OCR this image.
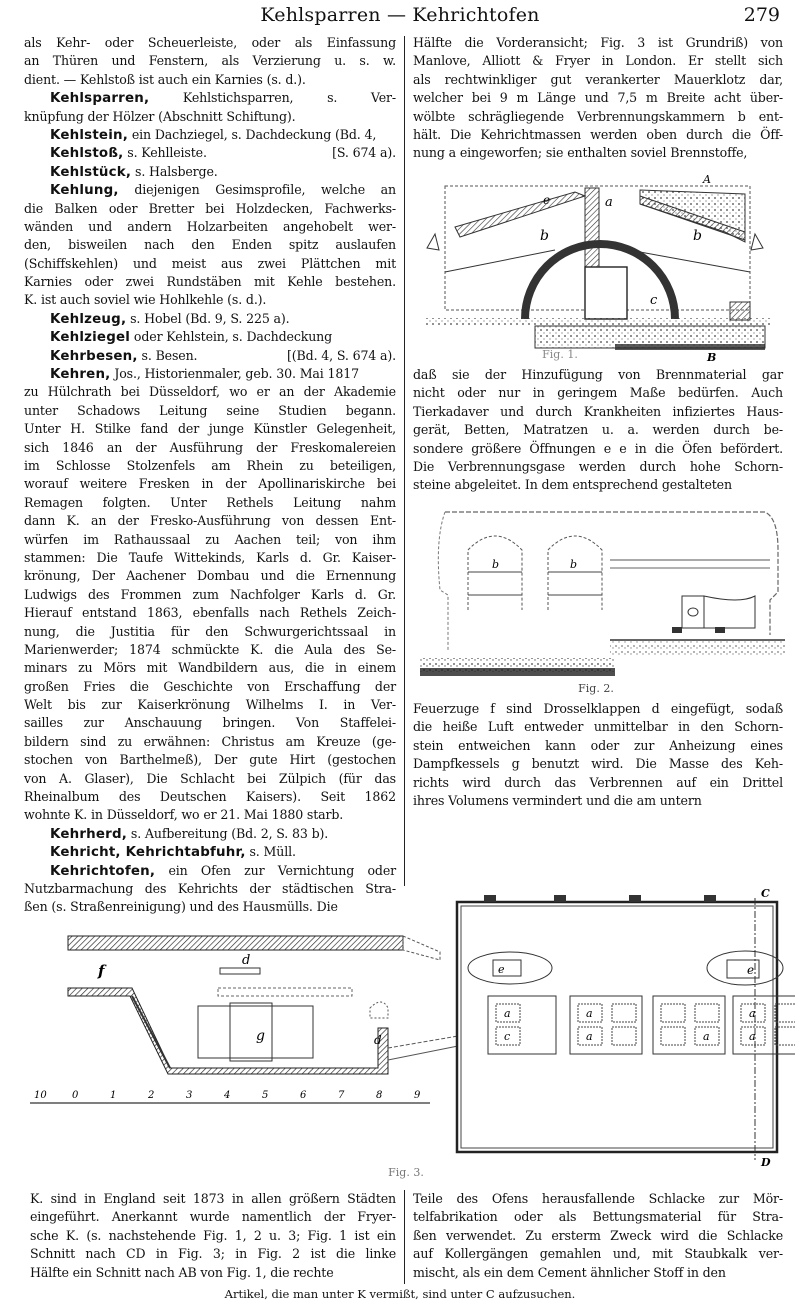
Kehlsparren — Kehrichtofen	279
als Kehr- oder Scheuerleiste, oder als Einfassung
an Thüren und Fenstern, als Verzierung u. s. w.
dient. — Kehlstoß ist auch ein Karnies (s. d.).
Kehlsparren, Kehlstichsparren, s. Ver-
knüpfung der Hölzer (Abschnitt Schiftung).
Kehlstein, ein Dachziegel, s. Dachdeckung (Bd. 4,
[S. 674 a).
Kehlstoß, s. Kehlleiste.
Kehlstück, s. Halsberge.
Kehlung, diejenigen Gesimsprofile, welche an
die Balken oder Bretter bei Holzdecken, Fachwerks-
wänden und andern Holzarbeiten angehobelt wer-
den, bisweilen nach den Enden spitz auslaufen
(Schiffskehlen) und meist aus zwei Plättchen mit
Karnies oder zwei Rundstäben mit Kehle bestehen.
K. ist auch soviel wie Hohlkehle (s. d.).
Kehlzeug, s. Hobel (Bd. 9, S. 225 a).
Kehlziegel oder Kehlstein, s. Dachdeckung
[(Bd. 4, S. 674 a).
Kehrbesen, s. Besen.
Kehren, Jos., Historienmaler, geb. 30. Mai 1817
zu Hülchrath bei Düsseldorf, wo er an der Akademie
unter Schadows Leitung seine Studien begann.
Unter H. Stilke fand der junge Künstler Gelegenheit,
sich 1846 an der Ausführung der Freskomalereien
im Schlosse Stolzenfels am Rhein zu beteiligen,
worauf weitere Fresken in der Apollinariskirche bei
Remagen folgten. Unter Rethels Leitung nahm
dann K. an der Fresko-Ausführung von dessen Ent-
würfen im Rathaussaal zu Aachen teil; von ihm
stammen: Die Taufe Wittekinds, Karls d. Gr. Kaiser-
krönung, Der Aachener Dombau und die Ernennung
Ludwigs des Frommen zum Nachfolger Karls d. Gr.
Hierauf entstand 1863, ebenfalls nach Rethels Zeich-
nung, die Justitia für den Schwurgerichtssaal in
Marienwerder; 1874 schmückte K. die Aula des Se-
minars zu Mörs mit Wandbildern aus, die in einem
großen Fries die Geschichte von Erschaffung der
Welt bis zur Kaiserkrönung Wilhelms I. in Ver-
sailles zur Anschauung bringen. Von Staffelei-
bildern sind zu erwähnen: Christus am Kreuze (ge-
stochen von Barthelmeß), Der gute Hirt (gestochen
von A. Glaser), Die Schlacht bei Zülpich (für das
Rheinalbum des Deutschen Kaisers). Seit 1862
wohnte K. in Düsseldorf, wo er 21. Mai 1880 starb.
Kehrherd, s. Aufbereitung (Bd. 2, S. 83 b).
Kehricht, Kehrichtabfuhr, s. Müll.
Kehrichtofen, ein Ofen zur Vernichtung oder
Nutzbarmachung des Kehrichts der städtischen Stra-
ßen (s. Straßenreinigung) und des Hausmülls. Die
Hälfte die Vorderansicht; Fig. 3 ist Grundriß) von
Manlove, Alliott & Fryer in London. Er stellt sich
als rechtwinkliger gut verankerter Mauerklotz dar,
welcher bei 9 m Länge und 7,5 m Breite acht über-
wölbte schrägliegende Verbrennungskammern b ent-
hält. Die Kehrichtmassen werden oben durch die Öff-
nung a eingeworfen; sie enthalten soviel Brennstoffe,
e	a
b	b
c
A
B
Fig. 1.
daß sie der Hinzufügung von Brennmaterial gar
nicht oder nur in geringem Maße bedürfen. Auch
Tierkadaver und durch Krankheiten infiziertes Haus-
gerät, Betten, Matratzen u. a. werden durch be-
sondere größere Öffnungen e e in die Öfen befördert.
Die Verbrennungsgase werden durch hohe Schorn-
steine abgeleitet. In dem entsprechend gestalteten
b	b
Fig. 2.
Feuerzuge f sind Drosselklappen d eingefügt, sodaß
die heiße Luft entweder unmittelbar in den Schorn-
stein entweichen kann oder zur Anheizung eines
Dampfkessels g benutzt wird. Die Masse des Keh-
richts wird durch das Verbrennen auf ein Drittel
ihres Volumens vermindert und die am untern
f
d
g	d
10	0	1	2	3	4	5	6	7	8	9
e	e
a
c
a
a	a
a
a
C
D
Fig. 3.
K. sind in England seit 1873 in allen größern Städten
eingeführt. Anerkannt wurde namentlich der Fryer-
sche K. (s. nachstehende Fig. 1, 2 u. 3; Fig. 1 ist ein
Schnitt nach CD in Fig. 3; in Fig. 2 ist die linke
Hälfte ein Schnitt nach AB von Fig. 1, die rechte
Teile des Ofens herausfallende Schlacke zur Mör-
telfabrikation oder als Bettungsmaterial für Stra-
ßen verwendet. Zu ersterm Zweck wird die Schlacke
auf Kollergängen gemahlen und, mit Staubkalk ver-
mischt, als ein dem Cement ähnlicher Stoff in den
Artikel, die man unter K vermißt, sind unter C aufzusuchen.
